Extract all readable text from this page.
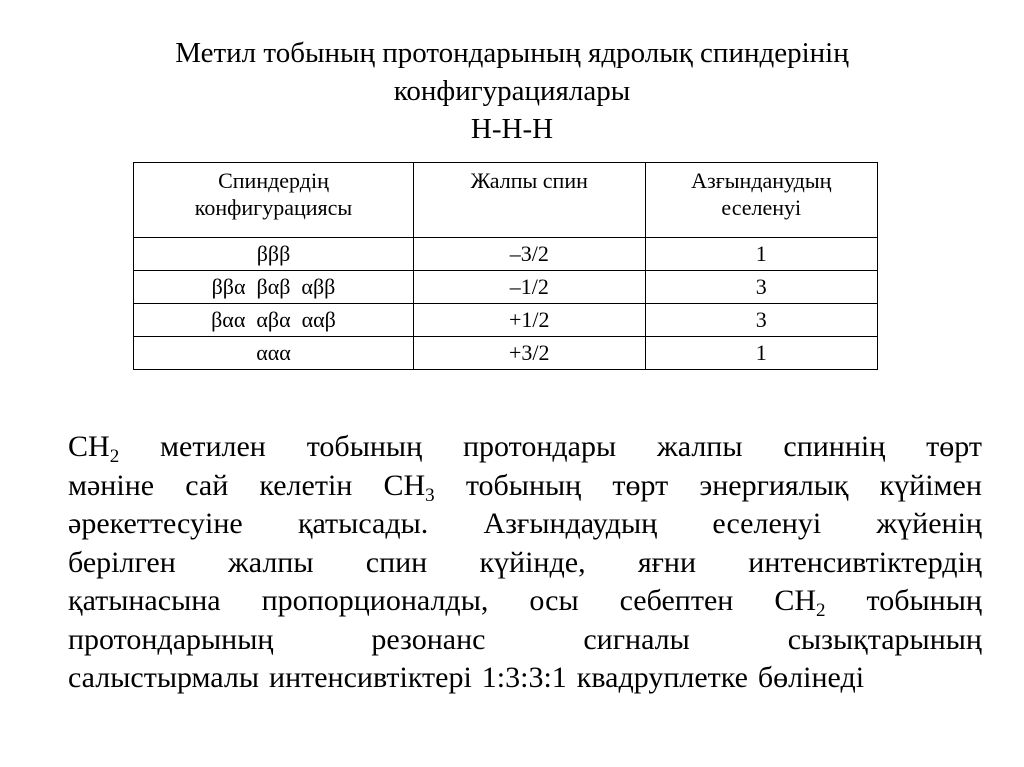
Метил тобының протондарының ядролық спиндерінің
конфигурациялары
H-H-H
Спиндердің
конфигурациясы	Жалпы спин	Азғынданудың
еселенуі
βββ	–3/2	1
ββα  βαβ  αββ	–1/2	3
βαα  αβα  ααβ	+1/2	3
ααα	+3/2	1
$CH_2$ метилен тобының протондары жалпы спиннің төрт
мәніне сай келетін $CH_3$ тобының төрт энергиялық күйімен
әрекеттесуіне қатысады. Азғындаудың еселенуі жүйенің
берілген жалпы спин күйінде, яғни интенсивтіктердің
қатынасына пропорционалды, осы себептен $CH_2$ тобының
протондарының	резонанс	сигналы	сызықтарының
салыстырмалы интенсивтіктері 1:3:3:1 квадруплетке бөлінеді
